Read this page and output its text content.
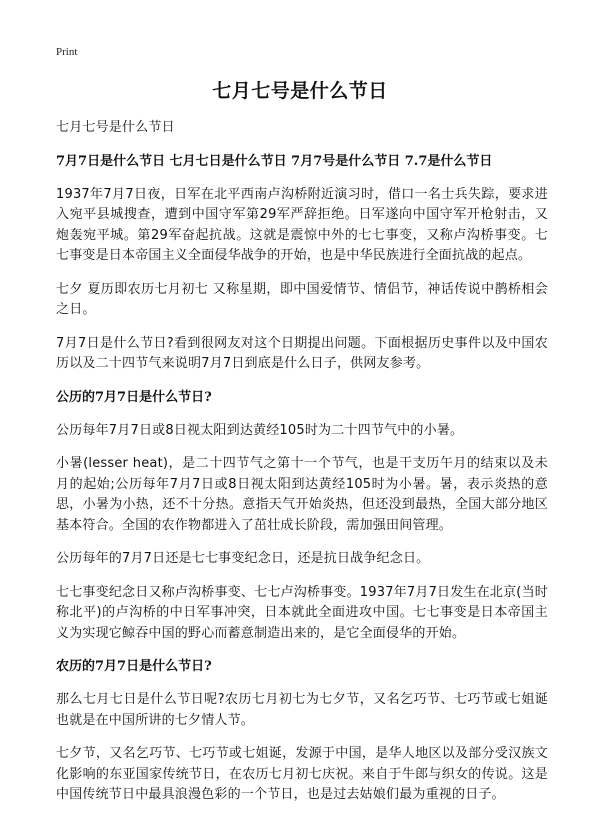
Print
七月七号是什么节日
七月七号是什么节日
7月7日是什么节日 七月七日是什么节日 7月7号是什么节日 7.7是什么节日
1937年7月7日夜，日军在北平西南卢沟桥附近演习时，借口一名士兵失踪，要求进入宛平县城搜查，遭到中国守军第29军严辞拒绝。日军遂向中国守军开枪射击，又炮轰宛平城。第29军奋起抗战。这就是震惊中外的七七事变，又称卢沟桥事变。七七事变是日本帝国主义全面侵华战争的开始，也是中华民族进行全面抗战的起点。
七夕 夏历即农历七月初七 又称星期，即中国爱情节、情侣节，神话传说中鹊桥相会之日。
7月7日是什么节日?看到很网友对这个日期提出问题。下面根据历史事件以及中国农历以及二十四节气来说明7月7日到底是什么日子，供网友参考。
公历的7月7日是什么节日?
公历每年7月7日或8日视太阳到达黄经105时为二十四节气中的小暑。
小暑(lesser heat)，是二十四节气之第十一个节气，也是干支历午月的结束以及未月的起始;公历每年7月7日或8日视太阳到达黄经105时为小暑。暑，表示炎热的意思，小暑为小热，还不十分热。意指天气开始炎热，但还没到最热，全国大部分地区基本符合。全国的农作物都进入了茁壮成长阶段，需加强田间管理。
公历每年的7月7日还是七七事变纪念日，还是抗日战争纪念日。
七七事变纪念日又称卢沟桥事变、七七卢沟桥事变。1937年7月7日发生在北京(当时称北平)的卢沟桥的中日军事冲突，日本就此全面进攻中国。七七事变是日本帝国主义为实现它鲸吞中国的野心而蓄意制造出来的，是它全面侵华的开始。
农历的7月7日是什么节日?
那么七月七日是什么节日呢?农历七月初七为七夕节，又名乞巧节、七巧节或七姐诞也就是在中国所讲的七夕情人节。
七夕节，又名乞巧节、七巧节或七姐诞，发源于中国，是华人地区以及部分受汉族文化影响的东亚国家传统节日，在农历七月初七庆祝。来自于牛郎与织女的传说。这是中国传统节日中最具浪漫色彩的一个节日，也是过去姑娘们最为重视的日子。
